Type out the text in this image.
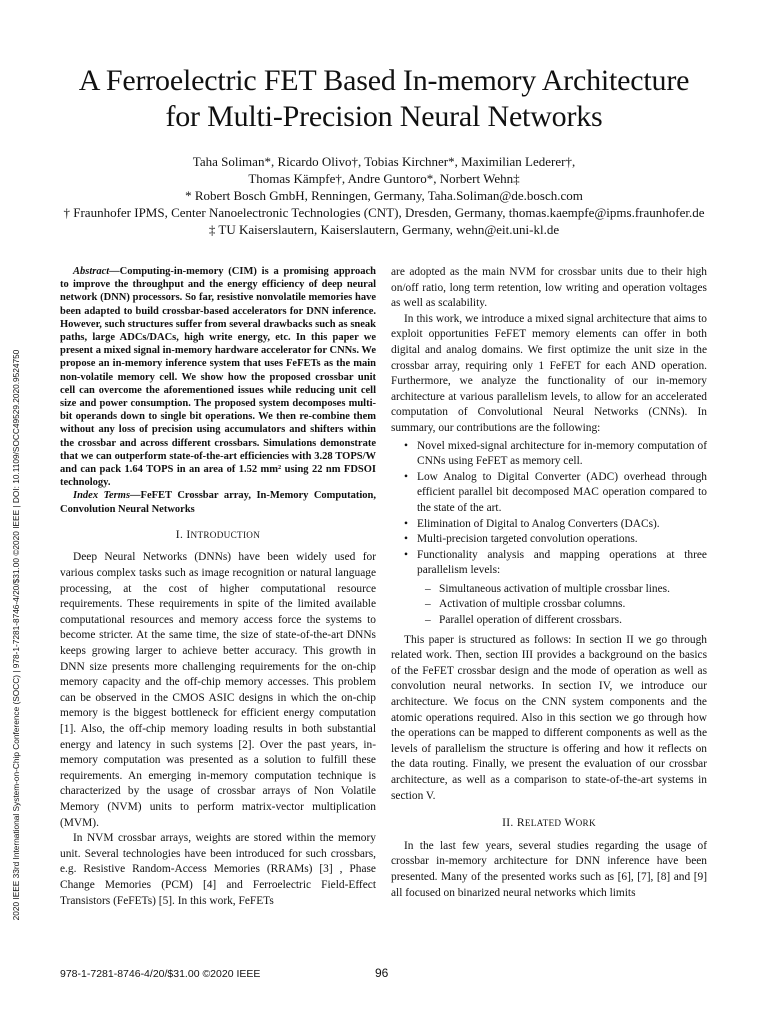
A Ferroelectric FET Based In-memory Architecture
for Multi-Precision Neural Networks
Taha Soliman*, Ricardo Olivo†, Tobias Kirchner*, Maximilian Lederer†,
Thomas Kämpfe†, Andre Guntoro*, Norbert Wehn‡
* Robert Bosch GmbH, Renningen, Germany, Taha.Soliman@de.bosch.com
† Fraunhofer IPMS, Center Nanoelectronic Technologies (CNT), Dresden, Germany, thomas.kaempfe@ipms.fraunhofer.de
‡ TU Kaiserslautern, Kaiserslautern, Germany, wehn@eit.uni-kl.de
2020 IEEE 33rd International System-on-Chip Conference (SOCC) | 978-1-7281-8746-4/20/$31.00 ©2020 IEEE | DOI: 10.1109/SOCC49529.2020.9524750

Abstract—Computing-in-memory (CIM) is a promising approach to improve the throughput and the energy efficiency of deep neural network (DNN) processors. So far, resistive nonvolatile memories have been adapted to build crossbar-based accelerators for DNN inference. However, such structures suffer from several drawbacks such as sneak paths, large ADCs/DACs, high write energy, etc. In this paper we present a mixed signal in-memory hardware accelerator for CNNs. We propose an in-memory inference system that uses FeFETs as the main non-volatile memory cell. We show how the proposed crossbar unit cell can overcome the aforementioned issues while reducing unit cell size and power consumption. The proposed system decomposes multi-bit operands down to single bit operations. We then re-combine them without any loss of precision using accumulators and shifters within the crossbar and across different crossbars. Simulations demonstrate that we can outperform state-of-the-art efficiencies with 3.28 TOPS/W and can pack 1.64 TOPS in an area of 1.52 mm² using 22 nm FDSOI technology.

Index Terms—FeFET Crossbar array, In-Memory Computation, Convolution Neural Networks

I. INTRODUCTION

Deep Neural Networks (DNNs) have been widely used for various complex tasks such as image recognition or natural language processing, at the cost of higher computational resource requirements. These requirements in spite of the limited available computational resources and memory access force the systems to become stricter. At the same time, the size of state-of-the-art DNNs keeps growing larger to achieve better accuracy. This growth in DNN size presents more challenging requirements for the on-chip memory capacity and the off-chip memory accesses. This problem can be observed in the CMOS ASIC designs in which the on-chip memory is the biggest bottleneck for efficient energy computation [1]. Also, the off-chip memory loading results in both substantial energy and latency in such systems [2]. Over the past years, in-memory computation was presented as a solution to fulfill these requirements. An emerging in-memory computation technique is characterized by the usage of crossbar arrays of Non Volatile Memory (NVM) units to perform matrix-vector multiplication (MVM).

In NVM crossbar arrays, weights are stored within the memory unit. Several technologies have been introduced for such crossbars, e.g. Resistive Random-Access Memories (RRAMs) [3] , Phase Change Memories (PCM) [4] and Ferroelectric Field-Effect Transistors (FeFETs) [5]. In this work, FeFETs

are adopted as the main NVM for crossbar units due to their high on/off ratio, long term retention, low writing and operation voltages as well as scalability.

In this work, we introduce a mixed signal architecture that aims to exploit opportunities FeFET memory elements can offer in both digital and analog domains. We first optimize the unit size in the crossbar array, requiring only 1 FeFET for each AND operation. Furthermore, we analyze the functionality of our in-memory architecture at various parallelism levels, to allow for an accelerated computation of Convolutional Neural Networks (CNNs). In summary, our contributions are the following:

• Novel mixed-signal architecture for in-memory computation of CNNs using FeFET as memory cell.
• Low Analog to Digital Converter (ADC) overhead through efficient parallel bit decomposed MAC operation compared to the state of the art.
• Elimination of Digital to Analog Converters (DACs).
• Multi-precision targeted convolution operations.
• Functionality analysis and mapping operations at three parallelism levels:
– Simultaneous activation of multiple crossbar lines.
– Activation of multiple crossbar columns.
– Parallel operation of different crossbars.

This paper is structured as follows: In section II we go through related work. Then, section III provides a background on the basics of the FeFET crossbar design and the mode of operation as well as convolution neural networks. In section IV, we introduce our architecture. We focus on the CNN system components and the atomic operations required. Also in this section we go through how the operations can be mapped to different components as well as the levels of parallelism the structure is offering and how it reflects on the data routing. Finally, we present the evaluation of our crossbar architecture, as well as a comparison to state-of-the-art systems in section V.

II. RELATED WORK

In the last few years, several studies regarding the usage of crossbar in-memory architecture for DNN inference have been presented. Many of the presented works such as [6], [7], [8] and [9] all focused on binarized neural networks which limits

978-1-7281-8746-4/20/$31.00 ©2020 IEEE	96
